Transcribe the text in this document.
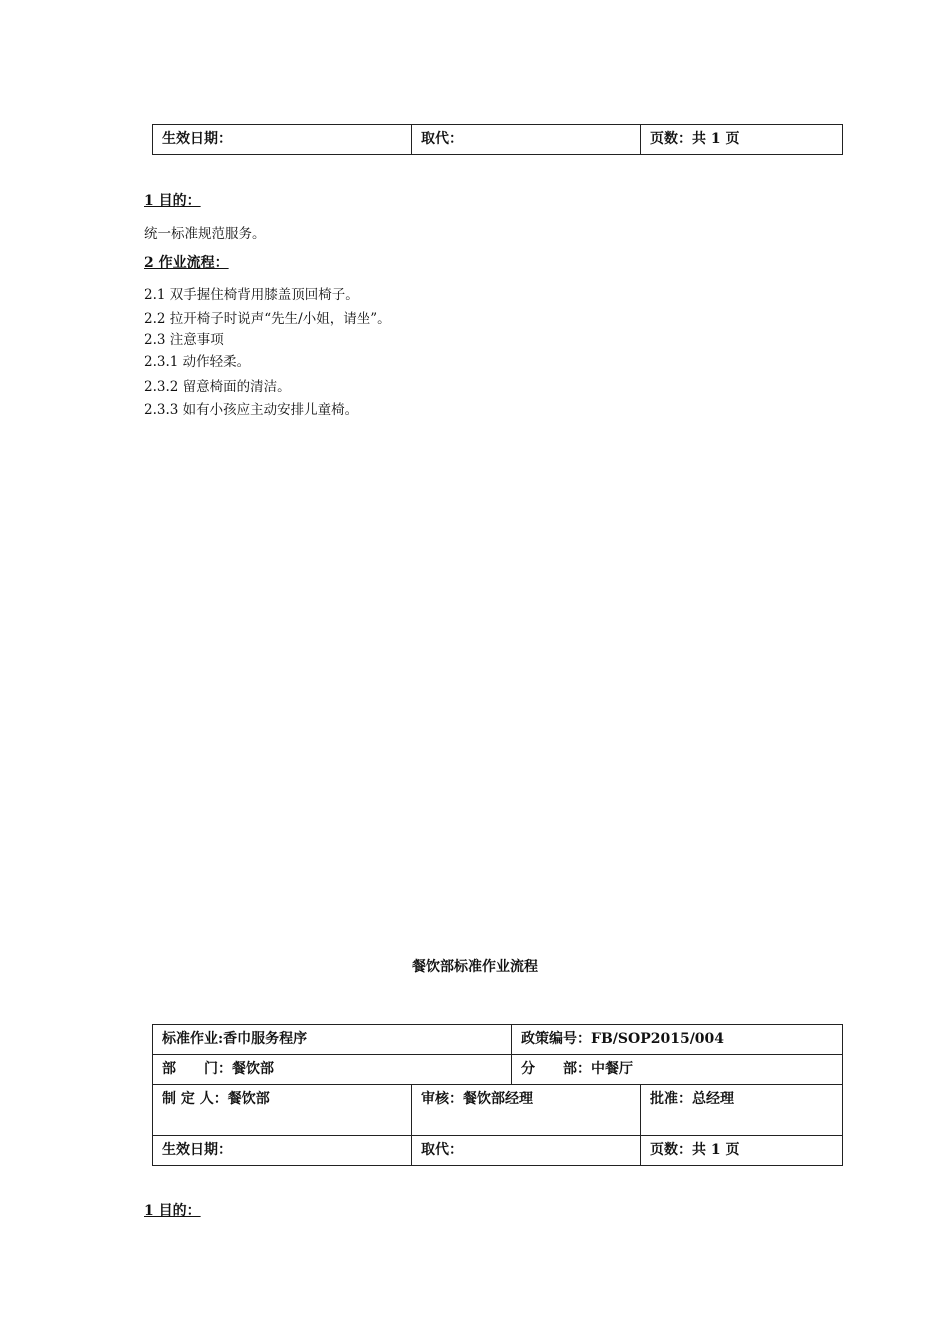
生效日期：	取代：	页数：共 1 页
1 目的：
统一标准规范服务。
2 作业流程：
2.1 双手握住椅背用膝盖顶回椅子。
2.2 拉开椅子时说声“先生/小姐，请坐”。
2.3 注意事项
2.3.1 动作轻柔。
2.3.2 留意椅面的清洁。
2.3.3 如有小孩应主动安排儿童椅。
餐饮部标准作业流程
标准作业:香巾服务程序		政策编号：FB/SOP2015/004	
部　　门：餐饮部		分　　部：中餐厅	
制 定 人：餐饮部	审核：餐饮部经理		批准：总经理
生效日期：	取代：		页数：共 1 页
1 目的：
